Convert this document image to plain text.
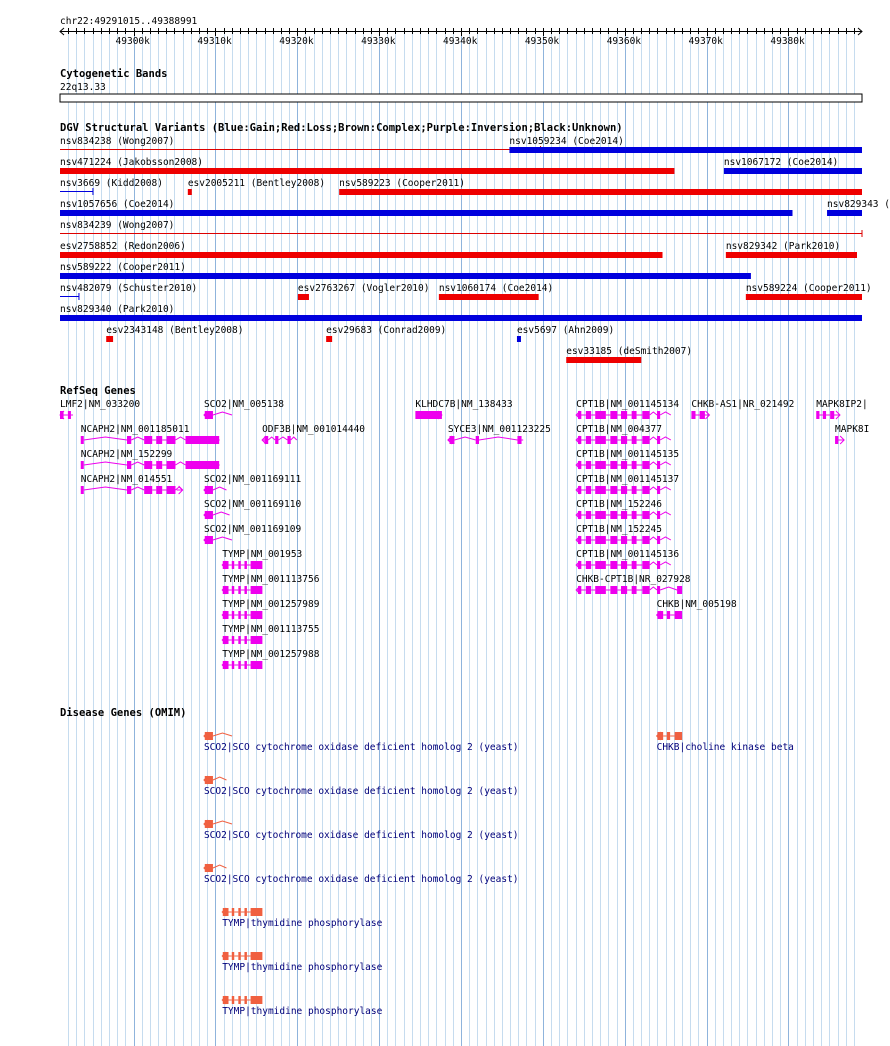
chr22:49291015..49388991
49300k	49310k	49320k	49330k	49340k	49350k	49360k	49370k	49380k
Cytogenetic Bands
22q13.33
DGV Structural Variants (Blue:Gain;Red:Loss;Brown:Complex;Purple:Inversion;Black:Unknown)
nsv834238 (Wong2007)	nsv1059234 (Coe2014)
nsv471224 (Jakobsson2008)	nsv1067172 (Coe2014)
nsv3669 (Kidd2008)	esv2005211 (Bentley2008) nsv589223 (Cooper2011)
nsv1057656 (Coe2014)	nsv829343 (
nsv834239 (Wong2007)
esv2758852 (Redon2006)	nsv829342 (Park2010)
nsv589222 (Cooper2011)
nsv482079 (Schuster2010)	esv2763267 (Vogler2010) nsv1060174 (Coe2014)	nsv589224 (Cooper2011)
nsv829340 (Park2010)
esv2343148 (Bentley2008)	esv29683 (Conrad2009)	esv5697 (Ahn2009)
esv33185 (deSmith2007)
RefSeq Genes
LMF2|NM_033200	SCO2|NM_005138	KLHDC7B|NM_138433	CPT1B|NM_001145134 CHKB-AS1|NR_021492 MAPK8IP2|
NCAPH2|NM_001185011	ODF3B|NM_001014440	SYCE3|NM_001123225	CPT1B|NM_004377	MAPK8I
NCAPH2|NM_152299	CPT1B|NM_001145135
NCAPH2|NM_014551	SCO2|NM_001169111	CPT1B|NM_001145137
SCO2|NM_001169110	CPT1B|NM_152246
SCO2|NM_001169109	CPT1B|NM_152245
TYMP|NM_001953	CPT1B|NM_001145136
TYMP|NM_001113756	CHKB-CPT1B|NR_027928
TYMP|NM_001257989	CHKB|NM_005198
TYMP|NM_001113755
TYMP|NM_001257988
Disease Genes (OMIM)
SCO2|SCO cytochrome oxidase deficient homolog 2 (yeast)	CHKB|choline kinase beta
SCO2|SCO cytochrome oxidase deficient homolog 2 (yeast)
SCO2|SCO cytochrome oxidase deficient homolog 2 (yeast)
SCO2|SCO cytochrome oxidase deficient homolog 2 (yeast)
TYMP|thymidine phosphorylase
TYMP|thymidine phosphorylase
TYMP|thymidine phosphorylase
